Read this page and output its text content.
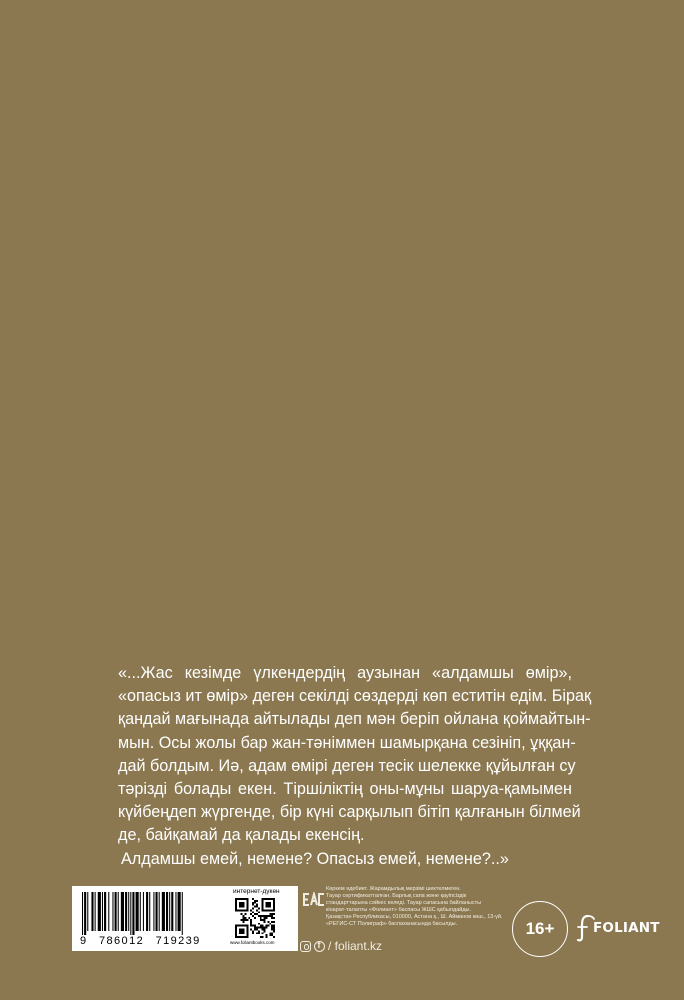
«...Жас кезімде үлкендердің аузынан «алдамшы өмір»,
«опасыз ит өмір» деген секілді сөздерді көп еститін едім. Бірақ
қандай мағынада айтылады деп мән беріп ойлана қоймайтын-
мын. Осы жолы бар жан-тәніммен шамырқана сезініп, ұққан-
дай болдым. Иә, адам өмірі деген тесік шелекке құйылған су
тәрізді болады екен. Тіршіліктің оны-мұны шаруа-қамымен
күйбеңдеп жүргенде, бір күні сарқылып бітіп қалғанын білмей
де, байқамай да қалады екенсің.
Алдамшы емей, немене? Опасыз емей, немене?..»
9 786012 719239
интернет-дүкен
www.foliantbooks.com
Көркем әдебиет. Жарамдылық мерзімі шектелмеген.
Тауар сертификатталған. Барлық сапа және қауіпсіздік
стандарттарына сәйкес келеді. Тауар сапасына байланысты
кінарат-талапты «Фолиант» баспасы ЖШС қабылдайды.
Қазақстан Республикасы, 010000, Астана қ., Ш. Айманов көш., 13-үй.
«РЕГИС-СТ Полиграф» баспаханасында басылды.
f
/ foliant.kz
16+	FOLIANT
